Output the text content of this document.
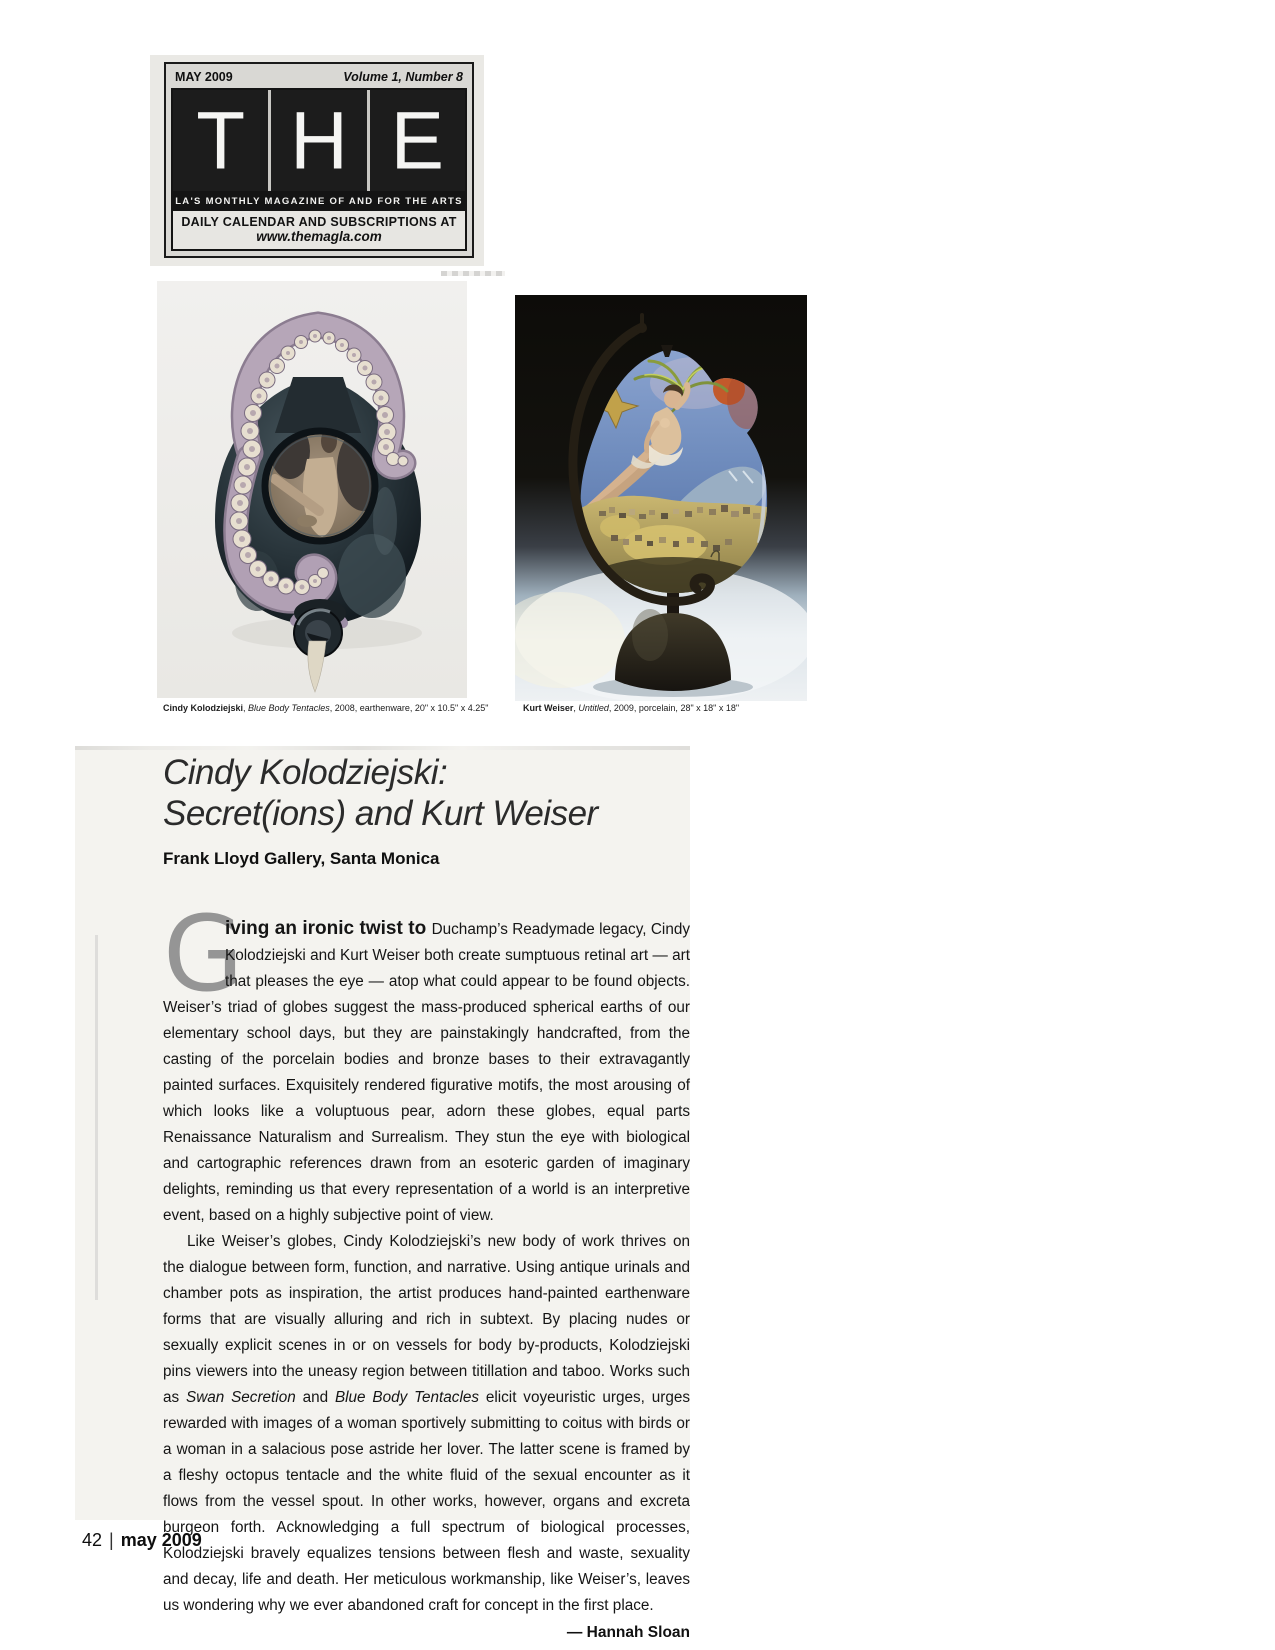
MAY 2009	Volume 1, Number 8
T H E
LA'S MONTHLY MAGAZINE OF AND FOR THE ARTS
DAILY CALENDAR AND SUBSCRIPTIONS AT
www.themagla.com
Cindy Kolodziejski, Blue Body Tentacles, 2008, earthenware, 20" x 10.5" x 4.25"	Kurt Weiser, Untitled, 2009, porcelain, 28" x 18" x 18"
Cindy Kolodziejski:
Secret(ions) and Kurt Weiser
Frank Lloyd Gallery, Santa Monica

G
iving an ironic twist to Duchamp’s Readymade legacy, Cindy Kolodziejski and Kurt Weiser both create sumptuous retinal art — art that pleases the eye — atop what could appear to be found objects. Weiser’s triad of globes suggest the mass-produced spherical earths of our elementary school days, but they are painstakingly handcrafted, from the casting of the porcelain bodies and bronze bases to their extravagantly painted surfaces. Exquisitely rendered figurative motifs, the most arousing of which looks like a voluptuous pear, adorn these globes, equal parts Renaissance Naturalism and Surrealism. They stun the eye with biological and cartographic references drawn from an esoteric garden of imaginary delights, reminding us that every representation of a world is an interpretive event, based on a highly subjective point of view.

Like Weiser’s globes, Cindy Kolodziejski’s new body of work thrives on the dialogue between form, function, and narrative. Using antique urinals and chamber pots as inspiration, the artist produces hand-painted earthenware forms that are visually alluring and rich in subtext. By placing nudes or sexually explicit scenes in or on vessels for body by-products, Kolodziejski pins viewers into the uneasy region between titillation and taboo. Works such as Swan Secretion and Blue Body Tentacles elicit voyeuristic urges, urges rewarded with images of a woman sportively submitting to coitus with birds or a woman in a salacious pose astride her lover. The latter scene is framed by a fleshy octopus tentacle and the white fluid of the sexual encounter as it flows from the vessel spout. In other works, however, organs and excreta burgeon forth. Acknowledging a full spectrum of biological processes, Kolodziejski bravely equalizes tensions between flesh and waste, sexuality and decay, life and death. Her meticulous workmanship, like Weiser’s, leaves us wondering why we ever abandoned craft for concept in the first place.

— Hannah Sloan
42 | may 2009
